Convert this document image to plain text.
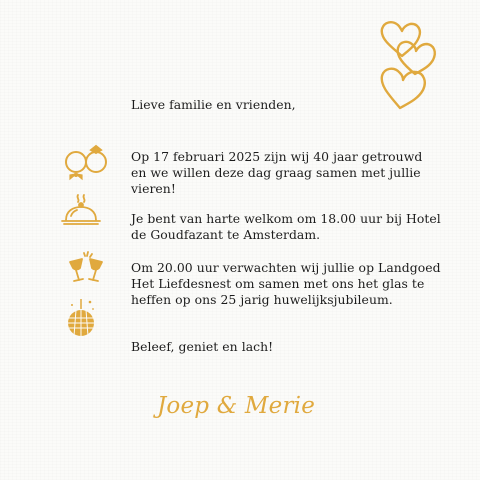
Lieve familie en vrienden,
Op 17 februari 2025 zijn wij 40 jaar getrouwd en we willen deze dag graag samen met jullie vieren!
Je bent van harte welkom om 18.00 uur bij Hotel de Goudfazant te Amsterdam.
Om 20.00 uur verwachten wij jullie op Landgoed Het Liefdesnest om samen met ons het glas te heffen op ons 25 jarig huwelijksjubileum.
Beleef, geniet en lach!
Joep & Merie
